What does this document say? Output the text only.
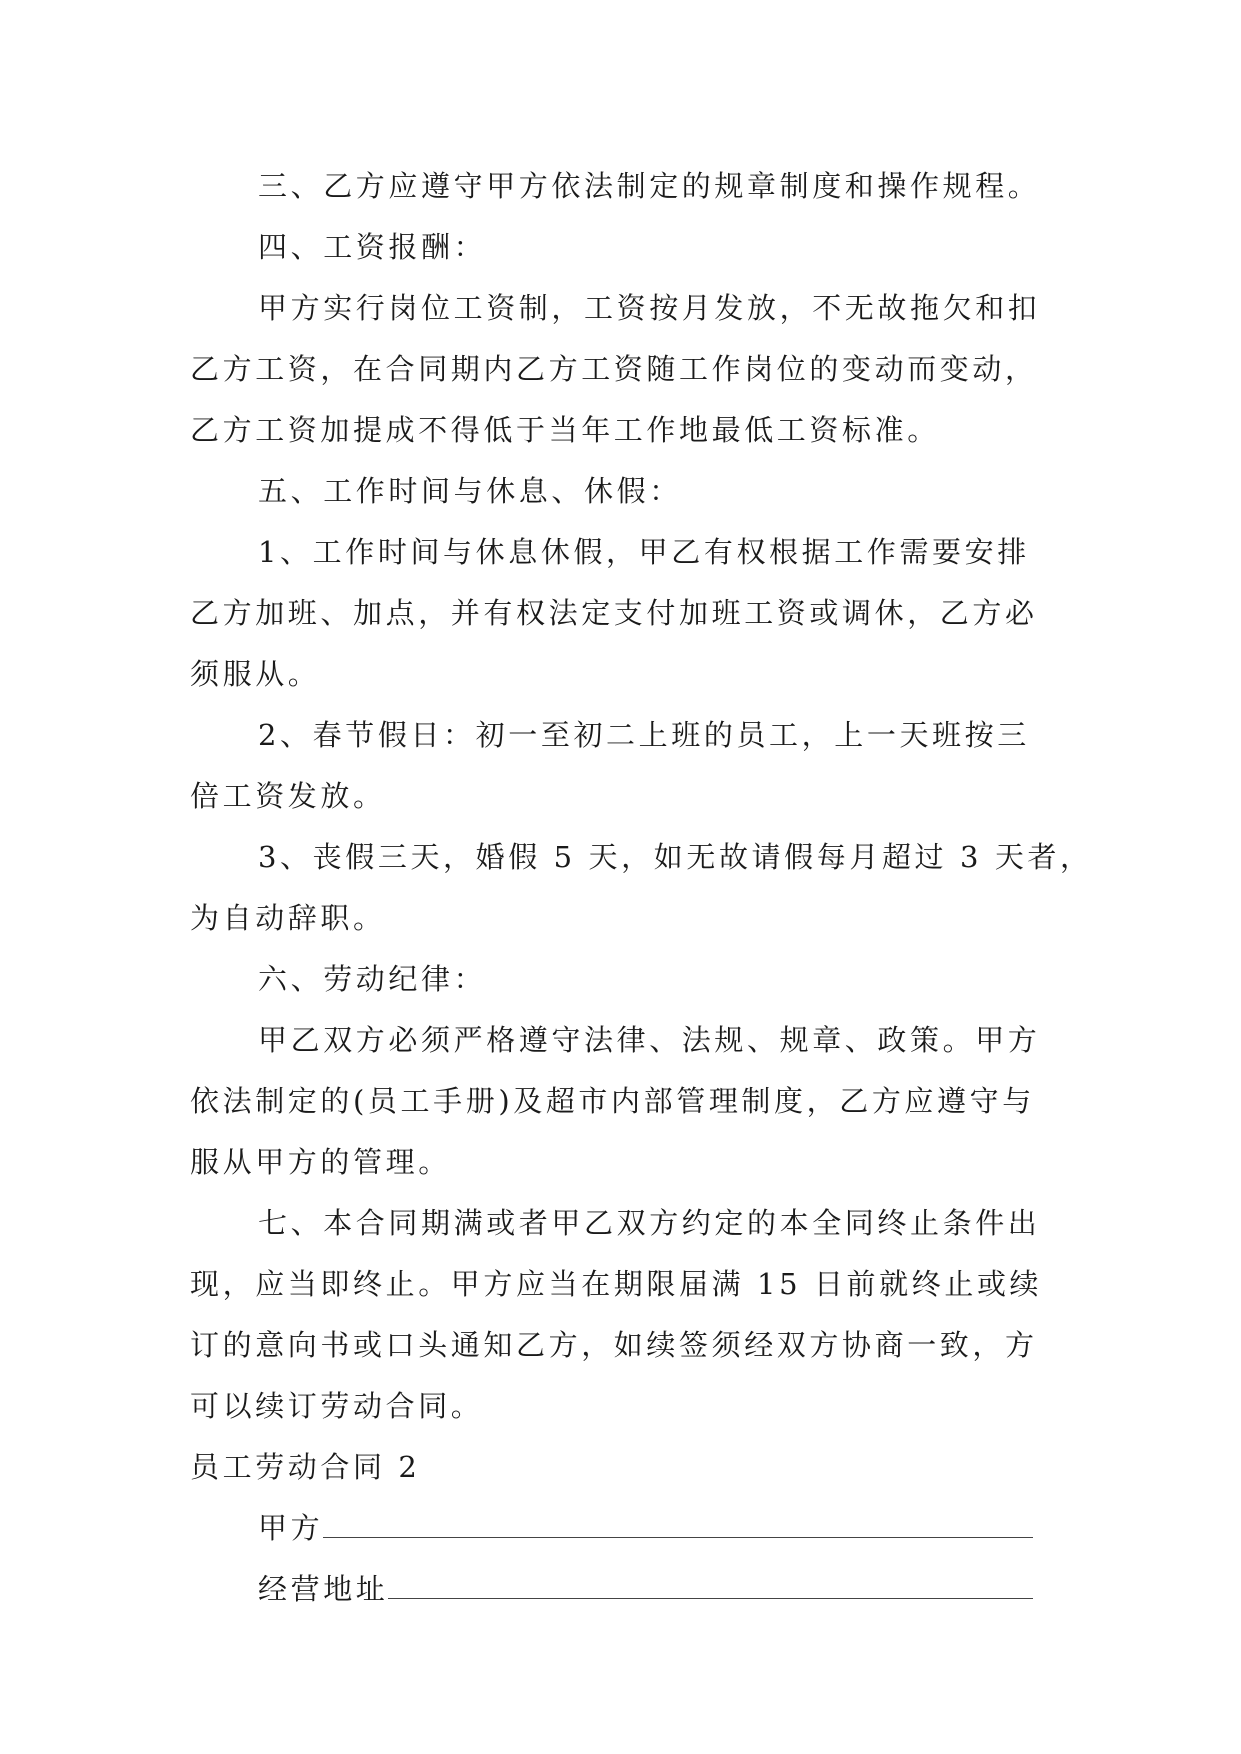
三、乙方应遵守甲方依法制定的规章制度和操作规程。
四、工资报酬：
甲方实行岗位工资制，工资按月发放，不无故拖欠和扣
乙方工资，在合同期内乙方工资随工作岗位的变动而变动，
乙方工资加提成不得低于当年工作地最低工资标准。
五、工作时间与休息、休假：
1、工作时间与休息休假，甲乙有权根据工作需要安排
乙方加班、加点，并有权法定支付加班工资或调休，乙方必
须服从。
2、春节假日：初一至初二上班的员工，上一天班按三
倍工资发放。
3、丧假三天，婚假 5 天，如无故请假每月超过 3 天者，
为自动辞职。
六、劳动纪律：
甲乙双方必须严格遵守法律、法规、规章、政策。甲方
依法制定的(员工手册)及超市内部管理制度，乙方应遵守与
服从甲方的管理。
七、本合同期满或者甲乙双方约定的本全同终止条件出
现，应当即终止。甲方应当在期限届满 15 日前就终止或续
订的意向书或口头通知乙方，如续签须经双方协商一致，方
可以续订劳动合同。
员工劳动合同 2
甲方
经营地址
